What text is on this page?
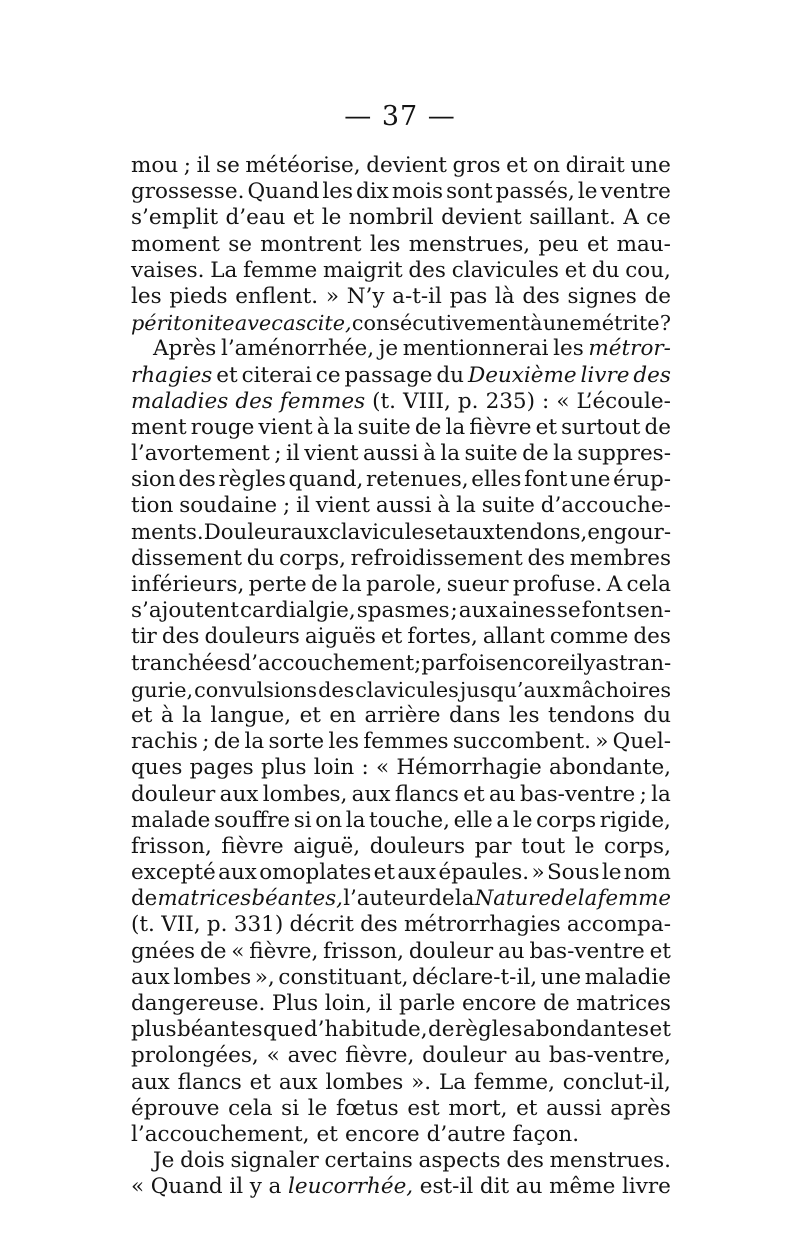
— 37 —
mou ; il se météorise, devient gros et on dirait une
grossesse. Quand les dix mois sont passés, le ventre
s’emplit d’eau et le nombril devient saillant. A ce
moment se montrent les menstrues, peu et mau-
vaises. La femme maigrit des clavicules et du cou,
les pieds enflent. » N’y a-t-il pas là des signes de
péritonite avec ascite, consécutivement à une métrite ?
Après l’aménorrhée, je mentionnerai les métror-
rhagies et citerai ce passage du Deuxième livre des
maladies des femmes (t. VIII, p. 235) : « L’écoule-
ment rouge vient à la suite de la fièvre et surtout de
l’avortement ; il vient aussi à la suite de la suppres-
sion des règles quand, retenues, elles font une érup-
tion soudaine ; il vient aussi à la suite d’accouche-
ments. Douleur aux clavicules et aux tendons, engour-
dissement du corps, refroidissement des membres
inférieurs, perte de la parole, sueur profuse. A cela
s’ajoutent cardialgie, spasmes ; aux aines se font sen-
tir des douleurs aiguës et fortes, allant comme des
tranchées d’accouchement ; parfois encore il y a stran-
gurie, convulsions des clavicules jusqu’aux mâchoires
et à la langue, et en arrière dans les tendons du
rachis ; de la sorte les femmes succombent. » Quel-
ques pages plus loin : « Hémorrhagie abondante,
douleur aux lombes, aux flancs et au bas-ventre ; la
malade souffre si on la touche, elle a le corps rigide,
frisson, fièvre aiguë, douleurs par tout le corps,
excepté aux omoplates et aux épaules. » Sous le nom
de matrices béantes, l’auteur de la Nature de la femme
(t. VII, p. 331) décrit des métrorrhagies accompa-
gnées de « fièvre, frisson, douleur au bas-ventre et
aux lombes », constituant, déclare-t-il, une maladie
dangereuse. Plus loin, il parle encore de matrices
plus béantes que d’habitude, de règles abondantes et
prolongées, « avec fièvre, douleur au bas-ventre,
aux flancs et aux lombes ». La femme, conclut-il,
éprouve cela si le fœtus est mort, et aussi après
l’accouchement, et encore d’autre façon.
Je dois signaler certains aspects des menstrues.
« Quand il y a leucorrhée, est-il dit au même livre
